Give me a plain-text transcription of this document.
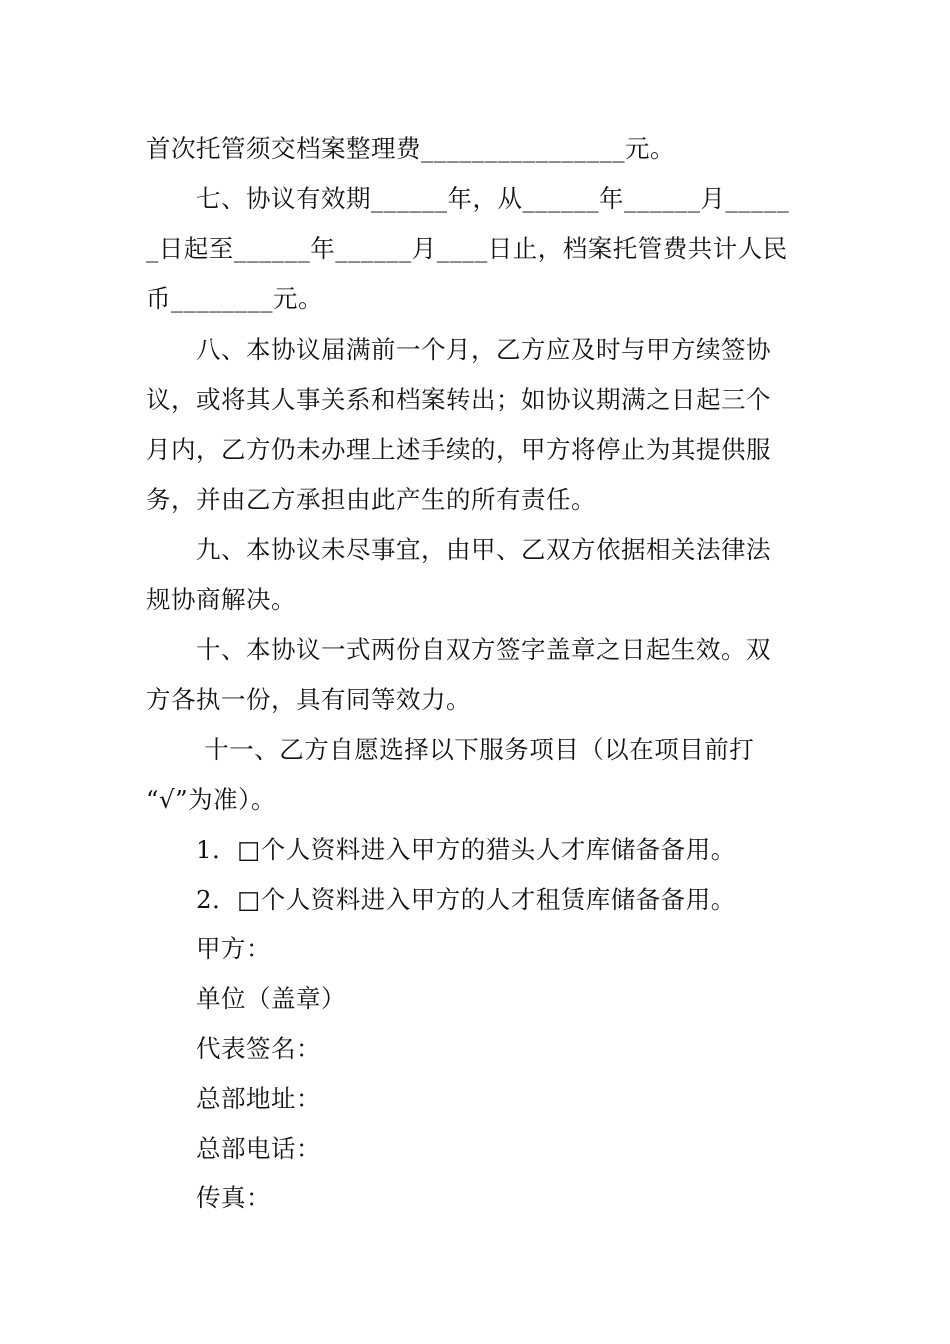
首次托管须交档案整理费________________元。
七、协议有效期______年，从______年______月_____
_日起至______年______月____日止，档案托管费共计人民
币________元。
八、本协议届满前一个月，乙方应及时与甲方续签协
议，或将其人事关系和档案转出；如协议期满之日起三个
月内，乙方仍未办理上述手续的，甲方将停止为其提供服
务，并由乙方承担由此产生的所有责任。
九、本协议未尽事宜，由甲、乙双方依据相关法律法
规协商解决。
十、本协议一式两份自双方签字盖章之日起生效。双
方各执一份，具有同等效力。
十一、乙方自愿选择以下服务项目（以在项目前打
“√”为准）。
1．□个人资料进入甲方的猎头人才库储备备用。
2．□个人资料进入甲方的人才租赁库储备备用。
甲方：
单位（盖章）
代表签名：
总部地址：
总部电话：
传真：
